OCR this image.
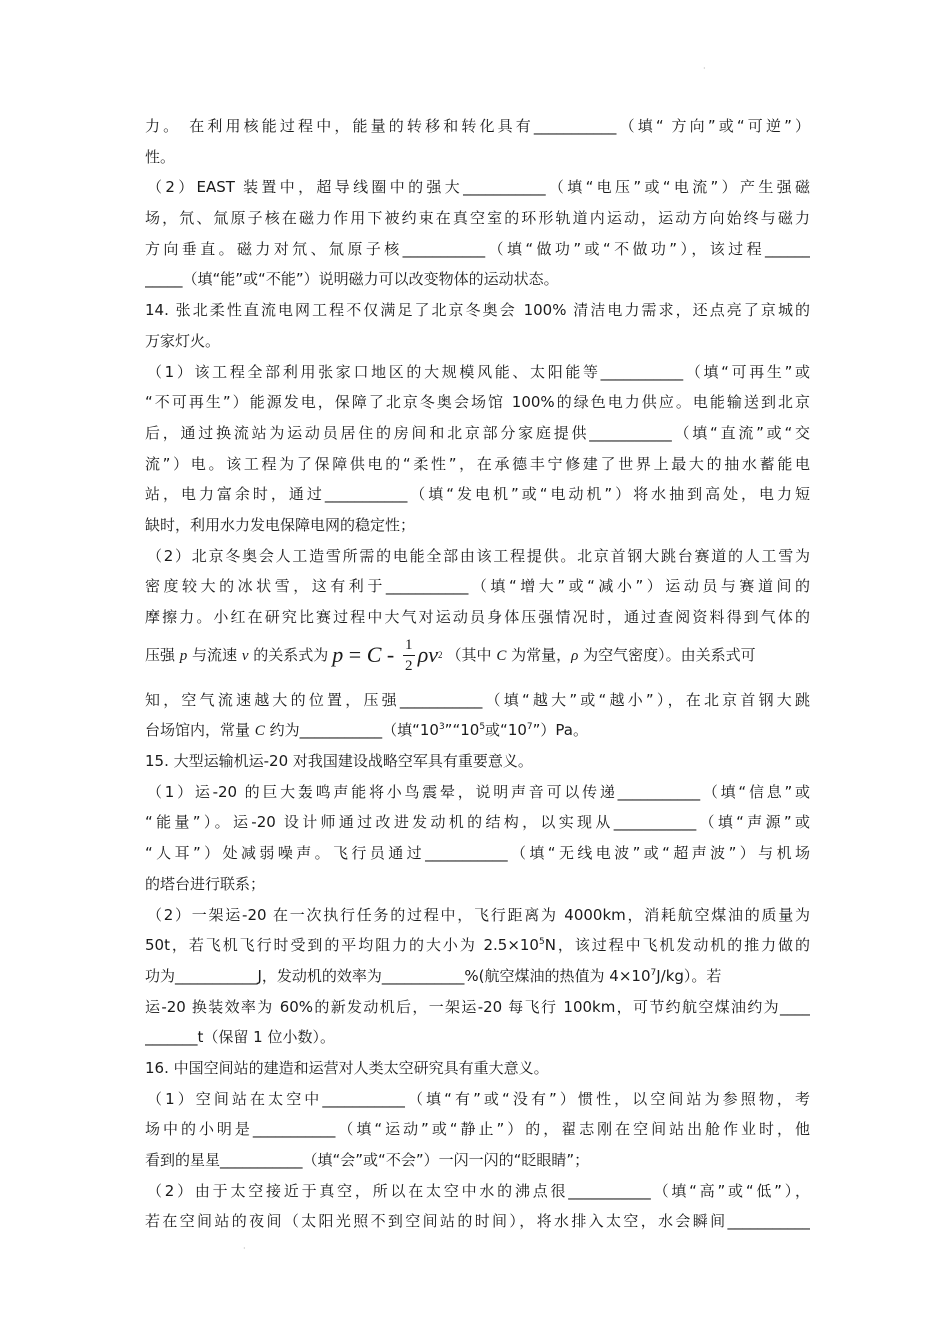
·
·
力。 在利用核能过程中，能量的转移和转化具有___________（填“ 方向”或“可逆”）
性。
（2）EAST 装置中，超导线圈中的强大___________（填“电压”或“电流”）产生强磁
场，氘、氚原子核在磁力作用下被约束在真空室的环形轨道内运动，运动方向始终与磁力
方向垂直。磁力对氘、氚原子核___________（填“做功”或“不做功”），该过程______
_____（填“能”或“不能”）说明磁力可以改变物体的运动状态。
14. 张北柔性直流电网工程不仅满足了北京冬奥会 100% 清洁电力需求，还点亮了京城的
万家灯火。
（1）该工程全部利用张家口地区的大规模风能、太阳能等___________（填“可再生”或
“不可再生”）能源发电，保障了北京冬奥会场馆 100%的绿色电力供应。电能输送到北京
后，通过换流站为运动员居住的房间和北京部分家庭提供___________（填“直流”或“交
流”）电。该工程为了保障供电的“柔性”，在承德丰宁修建了世界上最大的抽水蓄能电
站，电力富余时，通过___________（填“发电机”或“电动机”）将水抽到高处，电力短
缺时，利用水力发电保障电网的稳定性；
（2）北京冬奥会人工造雪所需的电能全部由该工程提供。北京首钢大跳台赛道的人工雪为
密度较大的冰状雪，这有利于___________（填“增大”或“减小”）运动员与赛道间的
摩擦力。小红在研究比赛过程中大气对运动员身体压强情况时，通过查阅资料得到气体的
压强 p 与流速 v 的关系式为 $p = C - \frac{1}{2}$ ρv 2 （其中 C 为常量，ρ 为空气密度）。由关系式可
知，空气流速越大的位置，压强___________（填“越大”或“越小”），在北京首钢大跳
台场馆内，常量 C 约为___________（填“$10^3”“10^5$或“$10^7”)Pa$。
15. 大型运输机运-20 对我国建设战略空军具有重要意义。
（1）运-20 的巨大轰鸣声能将小鸟震晕，说明声音可以传递___________（填“信息”或
“能量”）。运-20 设计师通过改进发动机的结构，以实现从___________（填“声源”或
“人耳”）处减弱噪声。飞行员通过___________（填“无线电波”或“超声波”）与机场
的塔台进行联系；
（2）一架运-20 在一次执行任务的过程中，飞行距离为 4000km，消耗航空煤油的质量为
50t，若飞机飞行时受到的平均阻力的大小为 $2.5\times 10^5N$，该过程中飞机发动机的推力做的
功为___________J，发动机的效率为___________%(航空煤油的热值为 $4\times 10^7J/kg$）。若
运-20 换装效率为 60%的新发动机后，一架运-20 每飞行 100km，可节约航空煤油约为____
_______t（保留 1 位小数）。
16. 中国空间站的建造和运营对人类太空研究具有重大意义。
（1）空间站在太空中___________（填“有”或“没有”）惯性，以空间站为参照物，考
场中的小明是___________（填“运动”或“静止”）的，翟志刚在空间站出舱作业时，他
看到的星星___________（填“会”或“不会”）一闪一闪的“眨眼睛”；
（2）由于太空接近于真空，所以在太空中水的沸点很___________（填“高”或“低”），
若在空间站的夜间（太阳光照不到空间站的时间），将水排入太空，水会瞬间___________
